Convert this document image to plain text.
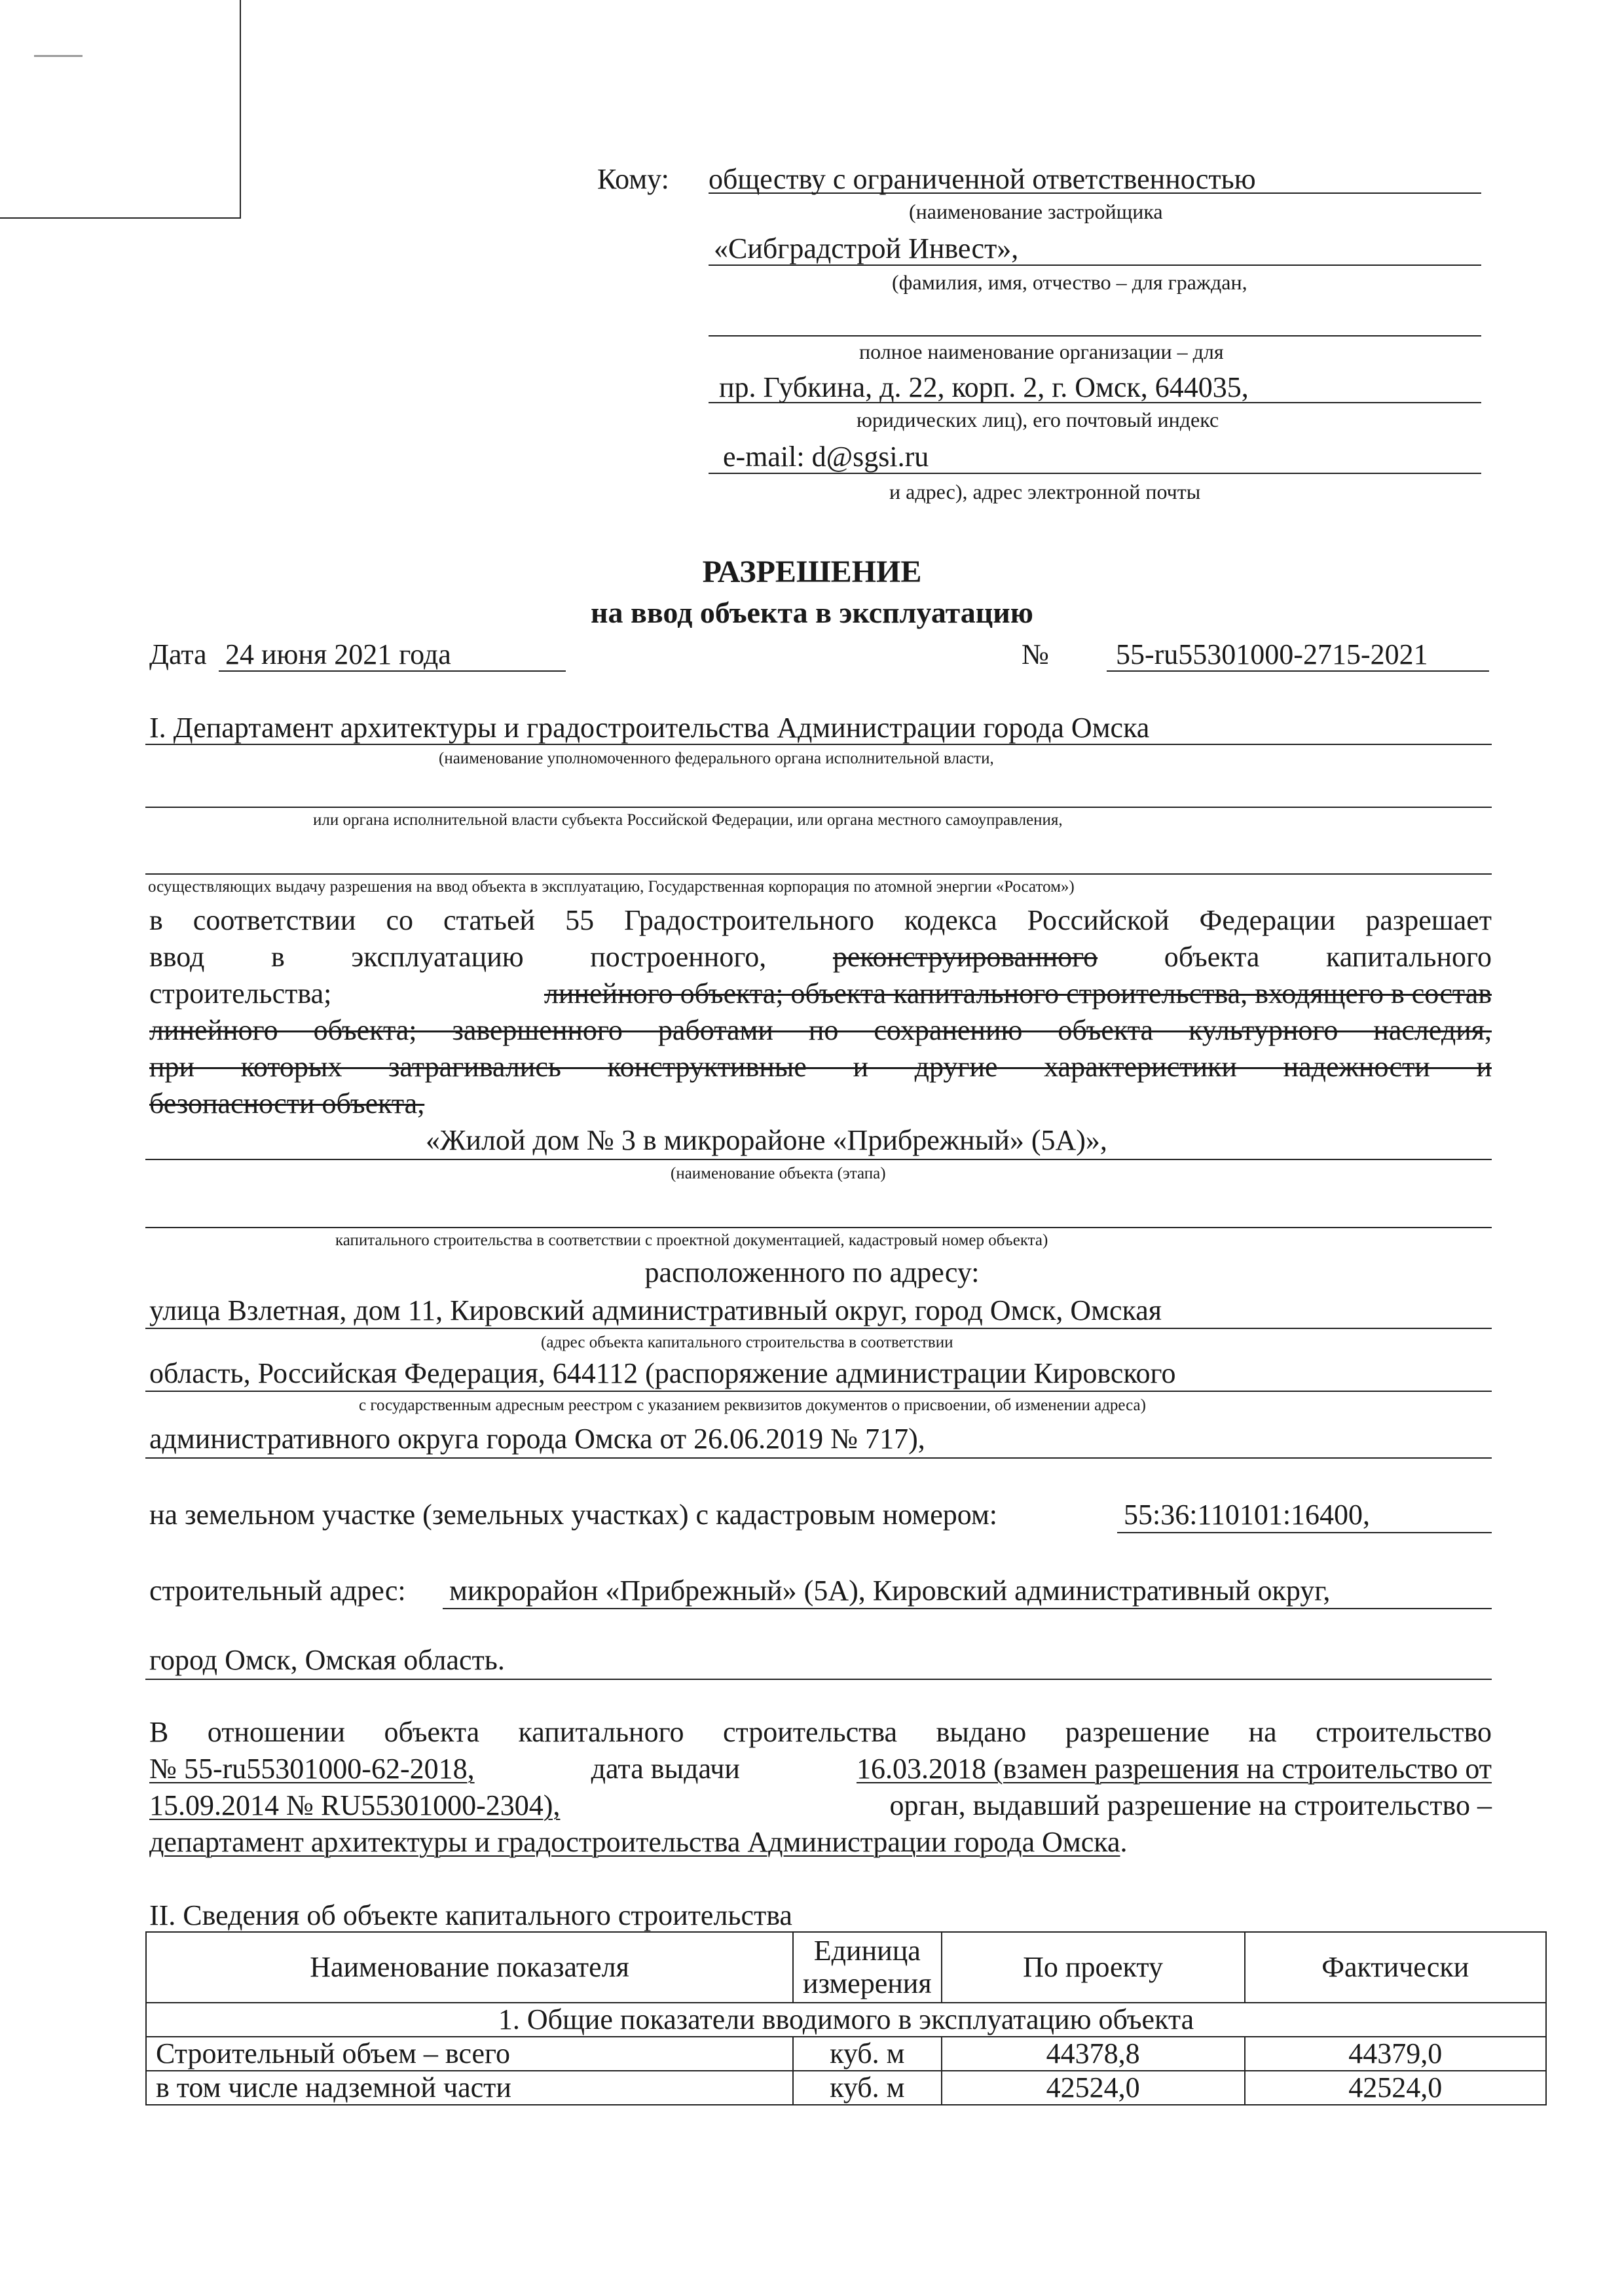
Кому: обществу с ограниченной ответственностью
(наименование застройщика
«Сибградстрой Инвест»,
(фамилия, имя, отчество – для граждан,
полное наименование организации – для
пр. Губкина, д. 22, корп. 2, г. Омск, 644035,
юридических лиц), его почтовый индекс
e-mail: d@sgsi.ru
и адрес), адрес электронной почты
РАЗРЕШЕНИЕ
на ввод объекта в эксплуатацию
Дата 24 июня 2021 года	№ 55-ru55301000-2715-2021
I. Департамент архитектуры и градостроительства Администрации города Омска
(наименование уполномоченного федерального органа исполнительной власти,
или органа исполнительной власти субъекта Российской Федерации, или органа местного самоуправления,
осуществляющих выдачу разрешения на ввод объекта в эксплуатацию, Государственная корпорация по атомной энергии «Росатом»)
в соответствии со статьей 55 Градостроительного кодекса Российской Федерации разрешает
ввод в эксплуатацию построенного, реконструированного объекта капитального
строительства;	линейного объекта; объекта капитального строительства, входящего в состав
линейного объекта; завершенного работами по сохранению объекта культурного наследия,
при которых затрагивались конструктивные и другие характеристики надежности и
безопасности объекта,
«Жилой дом № 3 в микрорайоне «Прибрежный» (5А)»,
(наименование объекта (этапа)
капитального строительства в соответствии с проектной документацией, кадастровый номер объекта)
расположенного по адресу:
улица Взлетная, дом 11, Кировский административный округ, город Омск, Омская
(адрес объекта капитального строительства в соответствии
область, Российская Федерация, 644112 (распоряжение администрации Кировского
с государственным адресным реестром с указанием реквизитов документов о присвоении, об изменении адреса)
административного округа города Омска от 26.06.2019 № 717),
на земельном участке (земельных участках) с кадастровым номером:	55:36:110101:16400,
строительный адрес: микрорайон «Прибрежный» (5А), Кировский административный округ,
город Омск, Омская область.
В отношении объекта капитального строительства выдано разрешение на строительство
№ 55-ru55301000-62-2018,	дата выдачи	16.03.2018 (взамен разрешения на строительство от
15.09.2014 № RU55301000-2304),	орган, выдавший разрешение на строительство –
департамент архитектуры и градостроительства Администрации города Омска.
II. Сведения об объекте капитального строительства
Наименование показателя	Единица измерения	По проекту	Фактически
1. Общие показатели вводимого в эксплуатацию объекта			
Строительный объем – всего	куб. м	44378,8	44379,0
в том числе надземной части	куб. м	42524,0	42524,0
